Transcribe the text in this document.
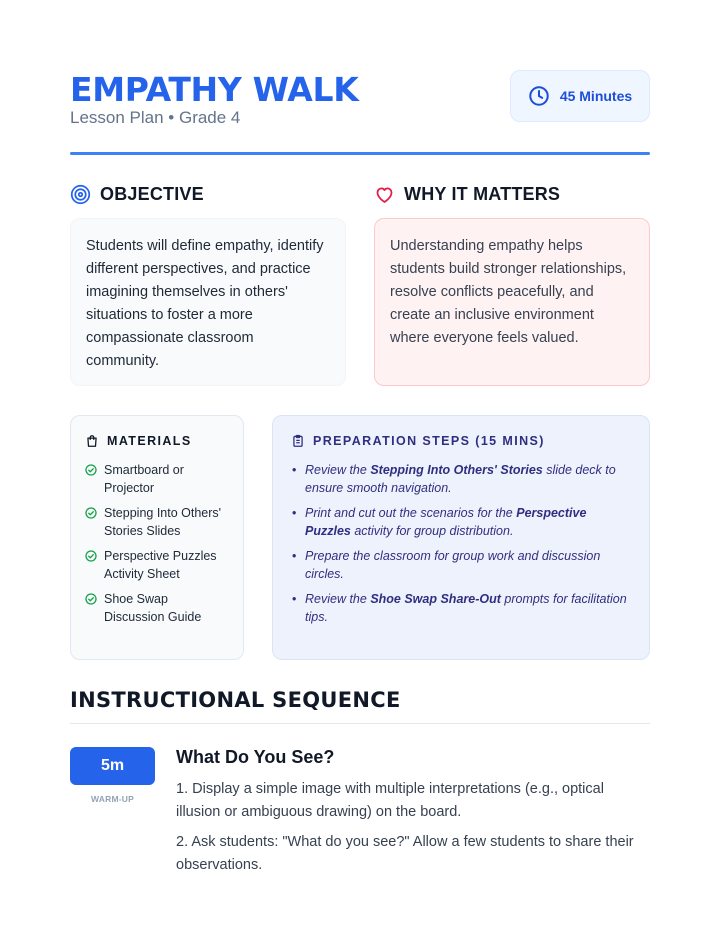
EMPATHY WALK
Lesson Plan • Grade 4
45 Minutes
OBJECTIVE

Students will define empathy, identify different perspectives, and practice imagining themselves in others' situations to foster a more compassionate classroom community.

WHY IT MATTERS

Understanding empathy helps students build stronger relationships, resolve conflicts peacefully, and create an inclusive environment where everyone feels valued.

MATERIALS
Smartboard or Projector
Stepping Into Others' Stories Slides
Perspective Puzzles Activity Sheet
Shoe Swap Discussion Guide
PREPARATION STEPS (15 MINS)
• Review the Stepping Into Others' Stories slide deck to ensure smooth navigation.
• Print and cut out the scenarios for the Perspective Puzzles activity for group distribution.
• Prepare the classroom for group work and discussion circles.
• Review the Shoe Swap Share-Out prompts for facilitation tips.
INSTRUCTIONAL SEQUENCE
5m
WARM-UP
What Do You See?

1. Display a simple image with multiple interpretations (e.g., optical illusion or ambiguous drawing) on the board.

2. Ask students: "What do you see?" Allow a few students to share their observations.
